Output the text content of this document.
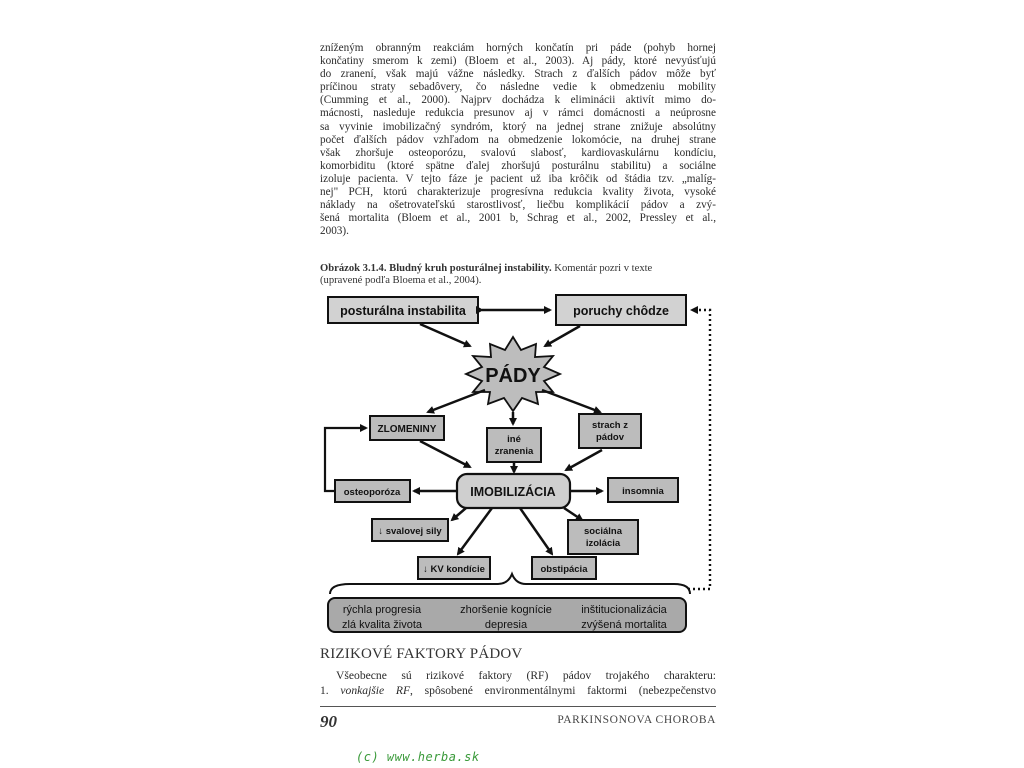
zníženým obranným reakciám horných končatín pri páde (pohyb hornej
končatiny smerom k zemi) (Bloem et al., 2003). Aj pády, ktoré nevyúsťujú
do zranení, však majú vážne následky. Strach z ďalších pádov môže byť
príčinou straty sebadôvery, čo následne vedie k obmedzeniu mobility
(Cumming et al., 2000). Najprv dochádza k eliminácii aktivít mimo do-
mácnosti, nasleduje redukcia presunov aj v rámci domácnosti a neúprosne
sa vyvinie imobilizačný syndróm, ktorý na jednej strane znižuje absolútny
počet ďalších pádov vzhľadom na obmedzenie lokomócie, na druhej strane
však zhoršuje osteoporózu, svalovú slabosť, kardiovaskulárnu kondíciu,
komorbiditu (ktoré spätne ďalej zhoršujú posturálnu stabilitu) a sociálne
izoluje pacienta. V tejto fáze je pacient už iba krôčik od štádia tzv. „malíg-
nej" PCH, ktorú charakterizuje progresívna redukcia kvality života, vysoké
náklady na ošetrovateľskú starostlivosť, liečbu komplikácií pádov a zvý-
šená mortalita (Bloem et al., 2001 b, Schrag et al., 2002, Pressley et al.,
2003).
Obrázok 3.1.4. Bludný kruh posturálnej instability. Komentár pozri v texte
(upravené podľa Bloema et al., 2004).
posturálna instabilita	poruchy chôdze
PÁDY
ZLOMENINY
iné
zranenia
strach z
pádov
IMOBILIZÁCIA
osteoporóza	insomnia
↓ svalovej sily	sociálna
izolácia
↓ KV kondície	obstipácia
rýchla progresia	zhoršenie kognície	inštitucionalizácia
zlá kvalita života	depresia	zvýšená mortalita
RIZIKOVÉ FAKTORY PÁDOV
Všeobecne sú rizikové faktory (RF) pádov trojakého charakteru:
1. vonkajšie RF, spôsobené environmentálnymi faktormi (nebezpečenstvo
90	PARKINSONOVA CHOROBA
(c) www.herba.sk
